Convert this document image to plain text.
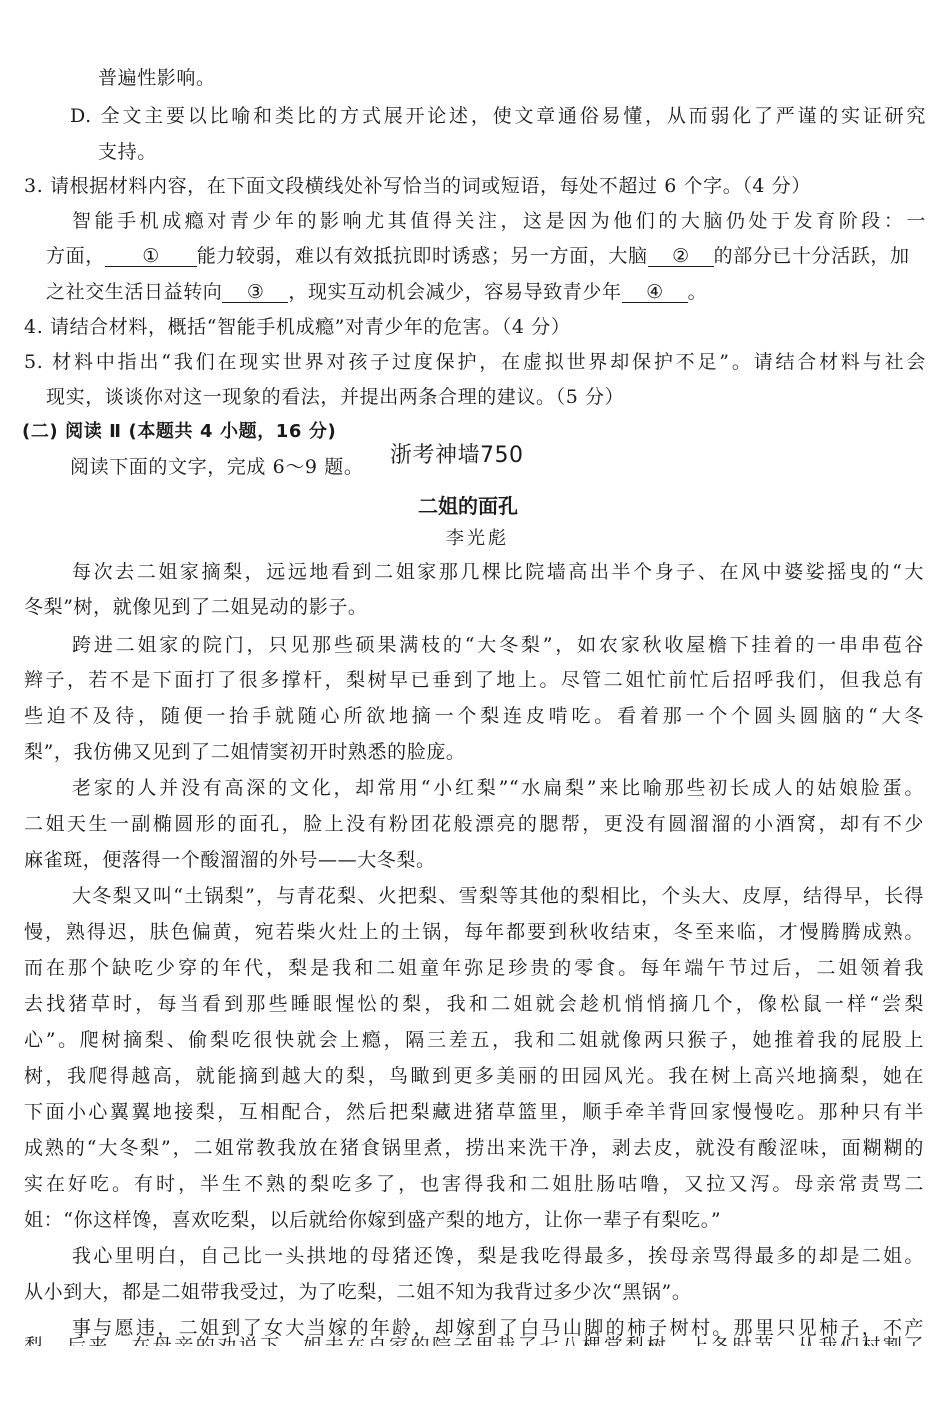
普遍性影响。
D. 全文主要以比喻和类比的方式展开论述，使文章通俗易懂，从而弱化了严谨的实证研究
支持。
3. 请根据材料内容，在下面文段横线处补写恰当的词或短语，每处不超过 6 个字。（4 分）
智能手机成瘾对青少年的影响尤其值得关注，这是因为他们的大脑仍处于发育阶段：一
方面， ① 能力较弱，难以有效抵抗即时诱惑；另一方面，大脑 ② 的部分已十分活跃，加
之社交生活日益转向 ③ ，现实互动机会减少，容易导致青少年 ④ 。
4. 请结合材料，概括“智能手机成瘾”对青少年的危害。（4 分）
5. 材料中指出“我们在现实世界对孩子过度保护，在虚拟世界却保护不足”。请结合材料与社会
现实，谈谈你对这一现象的看法，并提出两条合理的建议。（5 分）
(二) 阅读 Ⅱ (本题共 4 小题，16 分)
阅读下面的文字，完成 6～9 题。 浙考神墙750
二姐的面孔
李光彪
每次去二姐家摘梨，远远地看到二姐家那几棵比院墙高出半个身子、在风中婆娑摇曳的“大
冬梨”树，就像见到了二姐晃动的影子。
跨进二姐家的院门，只见那些硕果满枝的“大冬梨”，如农家秋收屋檐下挂着的一串串苞谷
辫子，若不是下面打了很多撑杆，梨树早已垂到了地上。尽管二姐忙前忙后招呼我们，但我总有
些迫不及待，随便一抬手就随心所欲地摘一个梨连皮啃吃。看着那一个个圆头圆脑的“大冬
梨”，我仿佛又见到了二姐情窦初开时熟悉的脸庞。
老家的人并没有高深的文化，却常用“小红梨”“水扁梨”来比喻那些初长成人的姑娘脸蛋。
二姐天生一副椭圆形的面孔，脸上没有粉团花般漂亮的腮帮，更没有圆溜溜的小酒窝，却有不少
麻雀斑，便落得一个酸溜溜的外号——大冬梨。
大冬梨又叫“土锅梨”，与青花梨、火把梨、雪梨等其他的梨相比，个头大、皮厚，结得早，长得
慢，熟得迟，肤色偏黄，宛若柴火灶上的土锅，每年都要到秋收结束，冬至来临，才慢腾腾成熟。
而在那个缺吃少穿的年代，梨是我和二姐童年弥足珍贵的零食。每年端午节过后，二姐领着我
去找猪草时，每当看到那些睡眼惺忪的梨，我和二姐就会趁机悄悄摘几个，像松鼠一样“尝梨
心”。爬树摘梨、偷梨吃很快就会上瘾，隔三差五，我和二姐就像两只猴子，她推着我的屁股上
树，我爬得越高，就能摘到越大的梨，鸟瞰到更多美丽的田园风光。我在树上高兴地摘梨，她在
下面小心翼翼地接梨，互相配合，然后把梨藏进猪草篮里，顺手牵羊背回家慢慢吃。那种只有半
成熟的“大冬梨”，二姐常教我放在猪食锅里煮，捞出来洗干净，剥去皮，就没有酸涩味，面糊糊的
实在好吃。有时，半生不熟的梨吃多了，也害得我和二姐肚肠咕噜，又拉又泻。母亲常责骂二
姐：“你这样馋，喜欢吃梨，以后就给你嫁到盛产梨的地方，让你一辈子有梨吃。”
我心里明白，自己比一头拱地的母猪还馋，梨是我吃得最多，挨母亲骂得最多的却是二姐。
从小到大，都是二姐带我受过，为了吃梨，二姐不知为我背过多少次“黑锅”。
事与愿违，二姐到了女大当嫁的年龄，却嫁到了白马山脚的柿子树村。那里只见柿子，不产
